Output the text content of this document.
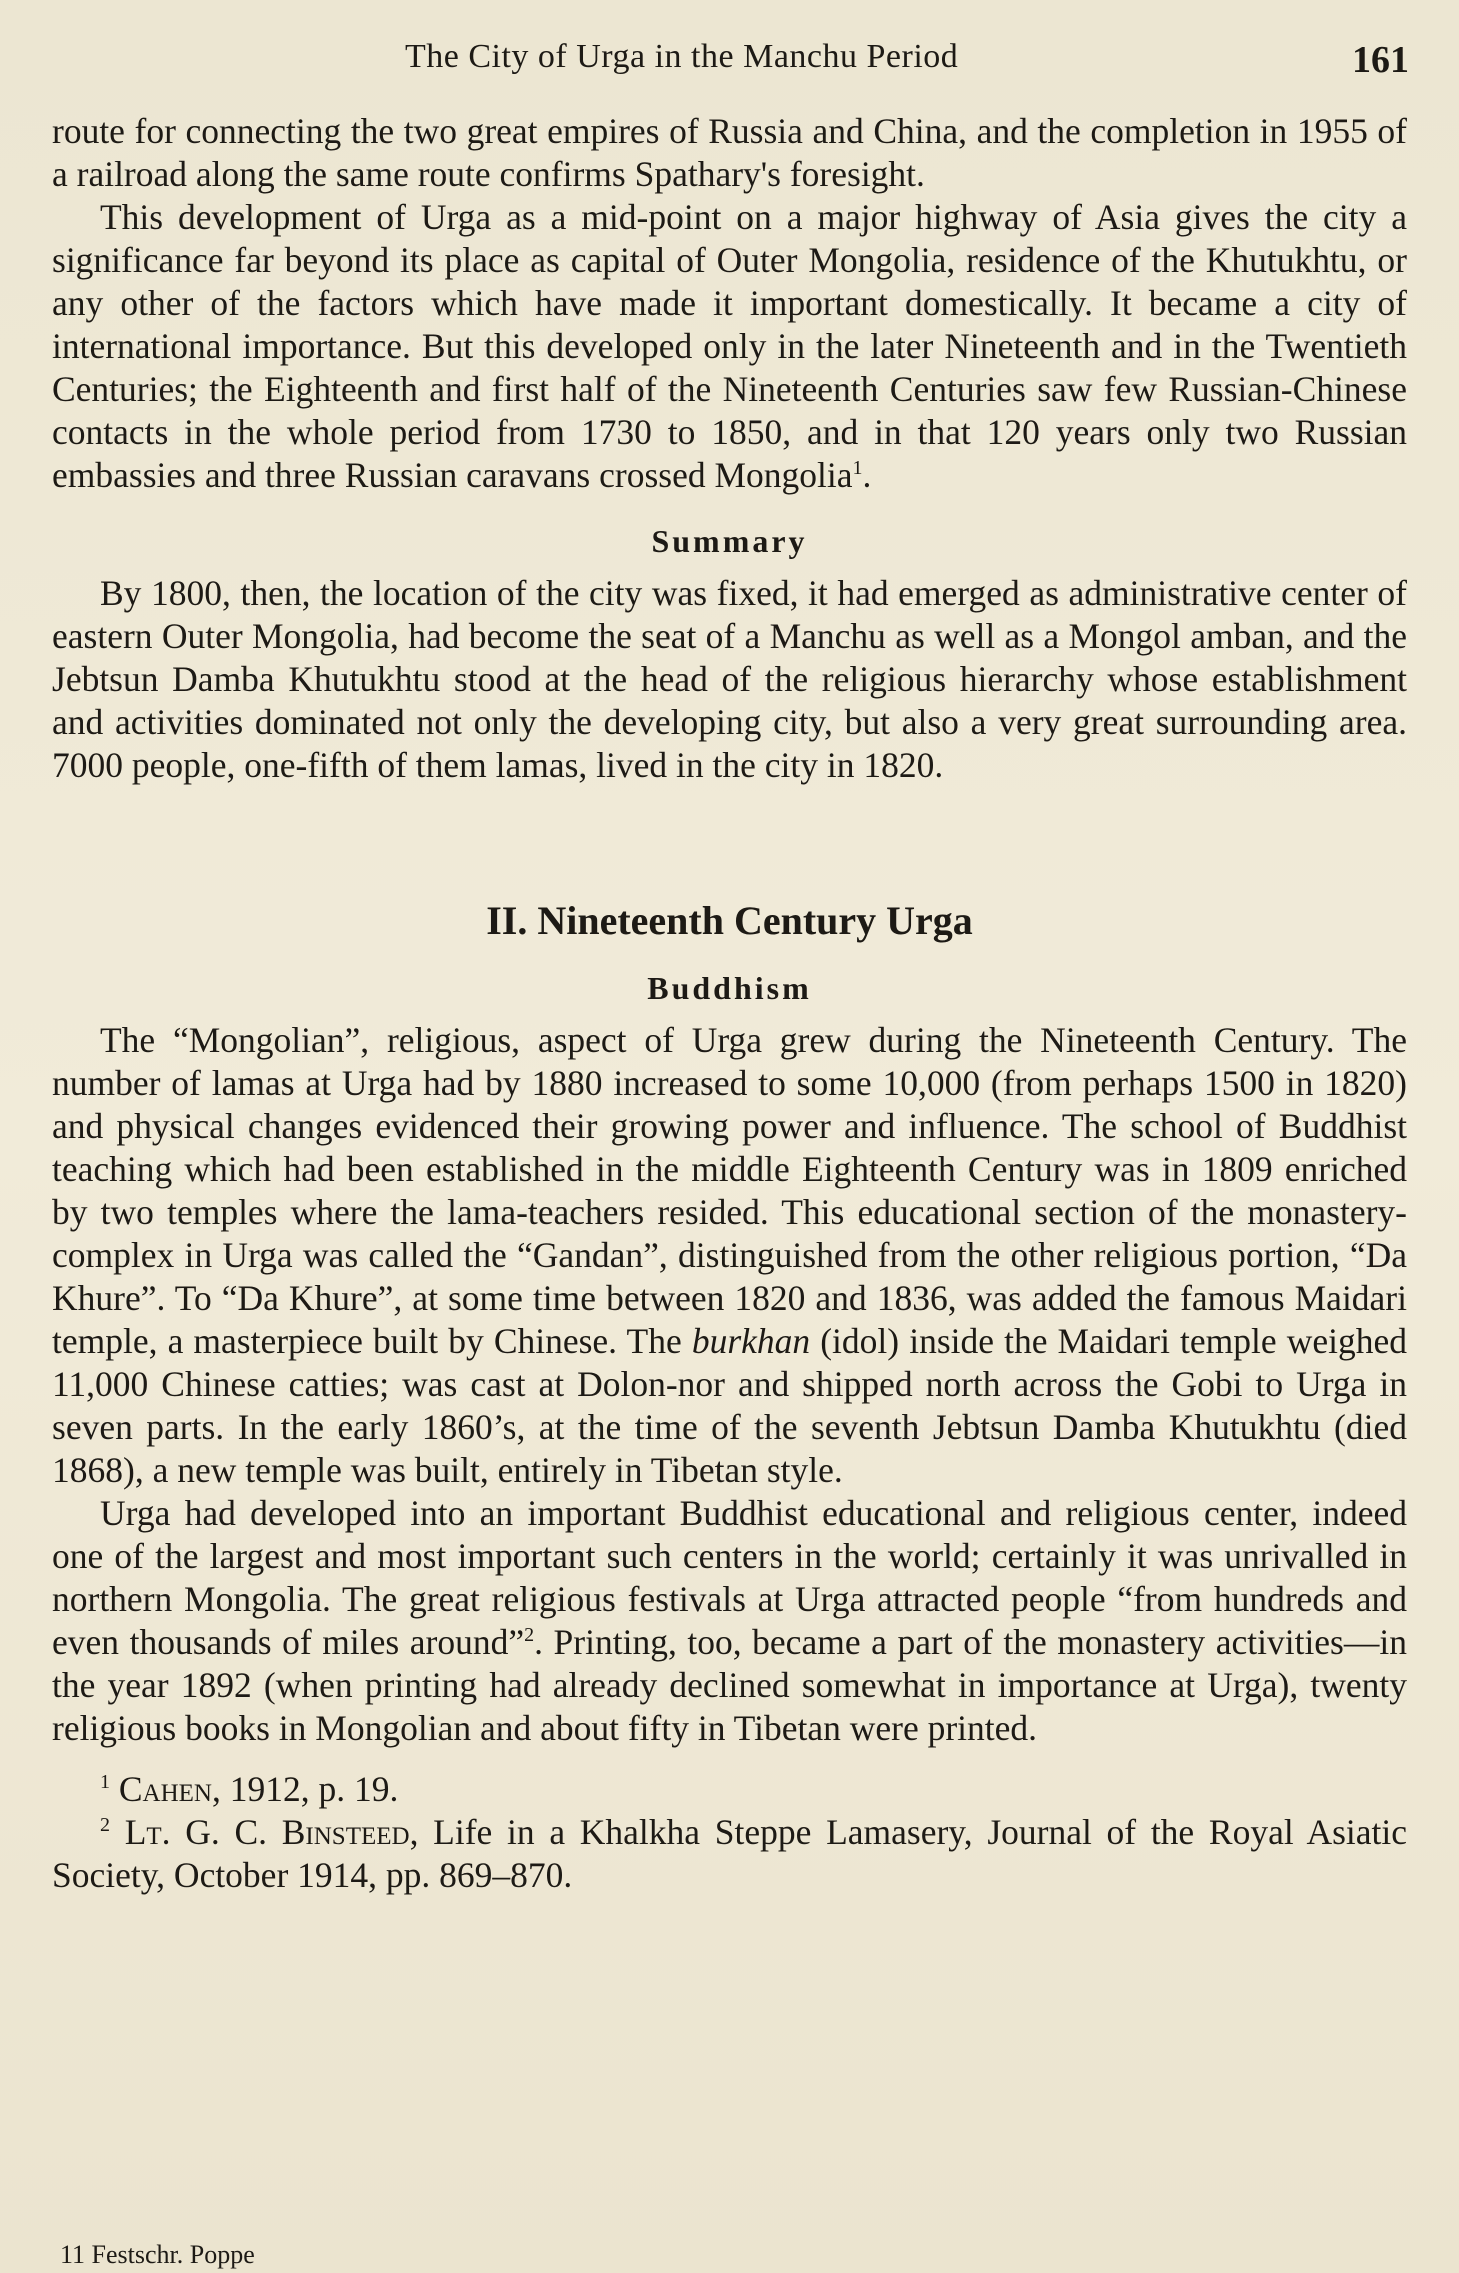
The City of Urga in the Manchu Period	161

route for connecting the two great empires of Russia and China, and the completion in 1955 of a railroad along the same route confirms Spathary's foresight.

This development of Urga as a mid-point on a major highway of Asia gives the city a significance far beyond its place as capital of Outer Mongolia, residence of the Khutukhtu, or any other of the factors which have made it important domestically. It became a city of international importance. But this developed only in the later Nineteenth and in the Twentieth Centuries; the Eighteenth and first half of the Nineteenth Centuries saw few Russian-Chinese contacts in the whole period from 1730 to 1850, and in that 120 years only two Russian embassies and three Russian caravans crossed Mongolia$^1$.

Summary

By 1800, then, the location of the city was fixed, it had emerged as administrative center of eastern Outer Mongolia, had become the seat of a Manchu as well as a Mongol amban, and the Jebtsun Damba Khutukhtu stood at the head of the religious hierarchy whose establishment and activities dominated not only the developing city, but also a very great surrounding area. 7000 people, one-fifth of them lamas, lived in the city in 1820.

II. Nineteenth Century Urga
Buddhism

The “Mongolian”, religious, aspect of Urga grew during the Nineteenth Century. The number of lamas at Urga had by 1880 increased to some 10,000 (from perhaps 1500 in 1820) and physical changes evidenced their growing power and influence. The school of Buddhist teaching which had been established in the middle Eighteenth Century was in 1809 enriched by two temples where the lama-teachers resided. This educational section of the monastery-complex in Urga was called the “Gandan”, distinguished from the other religious portion, “Da Khure”. To “Da Khure”, at some time between 1820 and 1836, was added the famous Maidari temple, a masterpiece built by Chinese. The burkhan (idol) inside the Maidari temple weighed 11,000 Chinese catties; was cast at Dolon-nor and shipped north across the Gobi to Urga in seven parts. In the early 1860’s, at the time of the seventh Jebtsun Damba Khutukhtu (died 1868), a new temple was built, entirely in Tibetan style.

Urga had developed into an important Buddhist educational and religious center, indeed one of the largest and most important such centers in the world; certainly it was unrivalled in northern Mongolia. The great religious festivals at Urga attracted people “from hundreds and even thousands of miles around”$^2$. Printing, too, became a part of the monastery activities—in the year 1892 (when printing had already declined somewhat in importance at Urga), twenty religious books in Mongolian and about fifty in Tibetan were printed.

$^1$ Cahen, 1912, p. 19.

$^2$ Lt. G. C. Binsteed, Life in a Khalkha Steppe Lamasery, Journal of the Royal Asiatic Society, October 1914, pp. 869–870.

11 Festschr. Poppe
